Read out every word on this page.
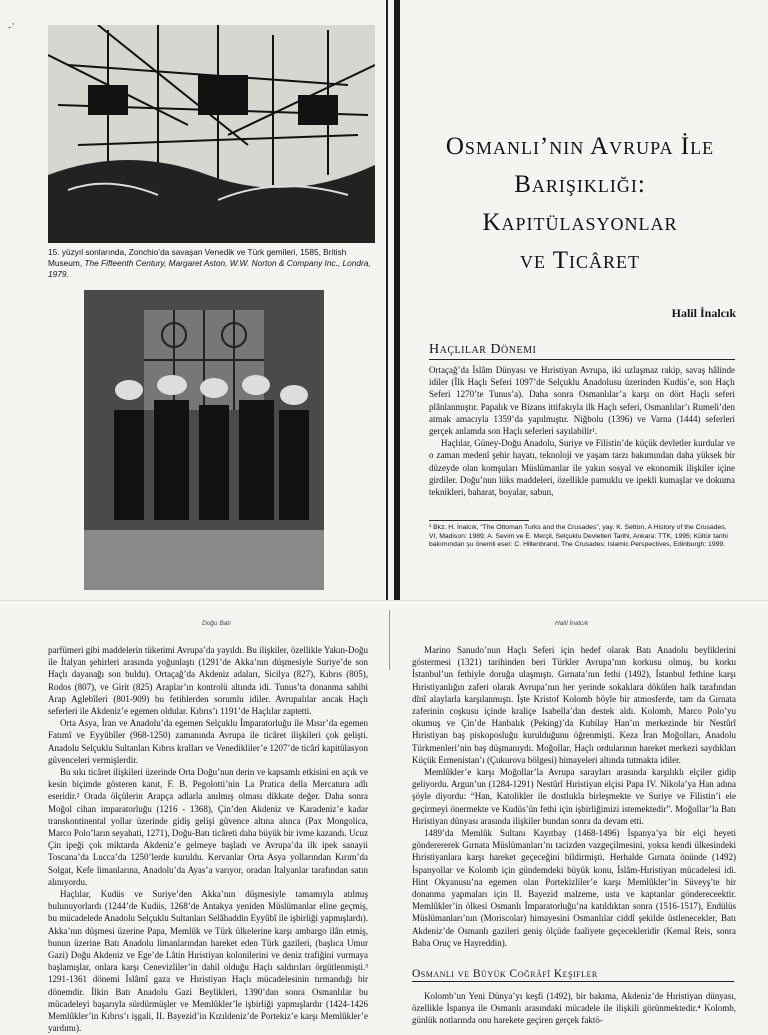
-’
15. yüzyıl sonlarında, Zonchio’da savaşan Venedik ve Türk gemileri, 1585, British Museum, The Fifteenth Century, Margaret Aston, W.W. Norton & Company Inc., Londra, 1979.
Osmanlı’nın Avrupa İle
Barışıklığı:
Kapitülasyonlar
ve Ticâret
Halil İnalcık
Haçlılar Dönemi

Ortaçağ’da İslâm Dünyası ve Hıristiyan Avrupa, iki uzlaşmaz rakip, savaş hâlinde idiler (İlk Haçlı Seferi 1097’de Selçuklu Anadolusu üzerinden Kudüs’e, son Haçlı Seferi 1270’te Tunus’a). Daha sonra Osmanlılar’a karşı on dört Haçlı seferi plânlanmıştır. Papalık ve Bizans ittifakıyla ilk Haçlı seferi, Osmanlılar’ı Rumeli’den atmak amacıyla 1359’da yapılmıştır. Niğbolu (1396) ve Varna (1444) seferleri gerçek anlamda son Haçlı seferleri sayılabilir¹.

Haçlılar, Güney-Doğu Anadolu, Suriye ve Filistin’de küçük devletler kurdular ve o zaman medenî şehir hayatı, teknoloji ve yaşam tarzı bakımından daha yüksek bir düzeyde olan komşuları Müslümanlar ile yakın sosyal ve ekonomik ilişkiler içine girdiler. Doğu’nun lüks maddeleri, özellikle pamuklu ve ipekli kumaşlar ve dokuma teknikleri, baharat, boyalar, sabun,

¹ Bkz. H. İnalcık, “The Ottoman Turks and the Crusades”, yay. K. Setton, A History of the Crusades, VI, Madison: 1989; A. Sevim ve E. Merçil, Selçuklu Devletleri Tarihi, Ankara: TTK, 1995; Kültür tarihi bakımından şu önemli eser: C. Hillenbrand, The Crusades: Islamic Perspectives, Edinburgh: 1999.
Doğu Batı	Halil İnalcık

parfümeri gibi maddelerin tüketimi Avrupa’da yayıldı. Bu ilişkiler, özellikle Yakın-Doğu ile İtalyan şehirleri arasında yoğunlaştı (1291’de Akka’nın düşmesiyle Suriye’de son Haçlı dayanağı son buldu). Ortaçağ’da Akdeniz adaları, Sicilya (827), Kıbrıs (805), Rodos (807), ve Girit (825) Araplar’ın kontrolü altında idi. Tunus’ta donanma sahibi Arap Aglebîleri (801-909) bu fetihlerden sorumlu idiler. Avrupalılar ancak Haçlı seferleri ile Akdeniz’e egemen oldular. Kıbrıs’ı 1191’de Haçlılar zaptetti.

Orta Asya, İran ve Anadolu’da egemen Selçuklu İmparatorluğu ile Mısır’da egemen Fatımî ve Eyyûbîler (968-1250) zamanında Avrupa ile ticâret ilişkileri çok gelişti. Anadolu Selçuklu Sultanları Kıbrıs kralları ve Venedikliler’e 1207’de ticârî kapitülasyon güvenceleri vermişlerdir.

Bu sıkı ticâret ilişkileri üzerinde Orta Doğu’nun derin ve kapsamlı etkisini en açık ve kesin biçimde gösteren kanıt, F. B. Pegolotti’nin La Pratica della Mercatura adlı eseridir.² Orada ölçülerin Arapça adlarla anılmış olması dikkate değer. Daha sonra Moğol cihan imparatorluğu (1216 - 1368), Çin’den Akdeniz ve Karadeniz’e kadar transkontinental yollar üzerinde gidiş gelişi güvence altına alınca (Pax Mongolica, Marco Polo’ların seyahati, 1271), Doğu-Batı ticâreti daha büyük bir ivme kazandı. Ucuz Çin ipeği çok miktarda Akdeniz’e gelmeye başladı ve Avrupa’da ilk ipek sanayii Toscana’da Lucca’da 1250’lerde kuruldu. Kervanlar Orta Asya yollarından Kırım’da Solgat, Kefe limanlarına, Anadolu’da Ayas’a varıyor, oradan İtalyanlar tarafından satın alınıyordu.

Haçlılar, Kudüs ve Suriye’den Akka’nın düşmesiyle tamamıyla atılmış bulunuyorlardı (1244’de Kudüs, 1268’de Antakya yeniden Müslümanlar eline geçmiş, bu mücadelede Anadolu Selçuklu Sultanları Selâhaddin Eyyûbî ile işbirliği yapmışlardı). Akka’nın düşmesi üzerine Papa, Memlûk ve Türk ülkelerine karşı ambargo ilân etmiş, bunun üzerine Batı Anadolu limanlarından hareket eden Türk gazileri, (başlıca Umur Gazi) Doğu Akdeniz ve Ege’de Lâtin Hıristiyan kolonilerini ve deniz trafiğini vurmaya başlamışlar, onlara karşı Cenevizliler’in dahil olduğu Haçlı saldırıları örgütlenmişti.³ 1291-1361 dönemi İslâmî gaza ve Hıristiyan Haçlı mücadelesinin tırmandığı bir dönemdir. İlkin Batı Anadolu Gazi Beylikleri, 1390’dan sonra Osmanlılar bu mücadeleyi başarıyla sürdürmüşler ve Memlûkler’le işbirliği yapmışlardır (1424-1426 Memlûkler’in Kıbrıs’ı işgali, II. Bayezid’in Kızıldeniz’de Portekiz’e karşı Memlûkler’e yardımı).

Marino Sanudo’nun Haçlı Seferi için hedef olarak Batı Anadolu beyliklerini göstermesi (1321) tarihinden beri Türkler Avrupa’nın korkusu olmuş, bu korku İstanbul’un fethiyle doruğa ulaşmıştı. Gırnata’nın fethi (1492), İstanbul fethine karşı Hıristiyanlığın zaferi olarak Avrupa’nın her yerinde sokaklara dökülen halk tarafından dînî alaylarla karşılanmıştı. İşte Kristof Kolomb böyle bir atmosferde, tam da Gırnata zaferinin coşkusu içinde kraliçe Isabella’dan destek aldı. Kolomb, Marco Polo’yu okumuş ve Çin’de Hanbalık (Peking)’da Kubilay Han’ın merkezinde bir Nestûrî Hıristiyan baş piskoposluğu kurulduğunu öğrenmişti. Keza İran Moğolları, Anadolu Türkmenleri’nin baş düşmanıydı. Moğollar, Haçlı ordularının hareket merkezi saydıkları Küçük Ermenistan’ı (Çukurova bölgesi) himayeleri altında tutmakta idiler.

Memlûkler’e karşı Moğollar’la Avrupa sarayları arasında karşılıklı elçiler gidip geliyordu. Argun’un (1284-1291) Nestûrî Hıristiyan elçisi Papa IV. Nikola’ya Han adına şöyle diyordu: “Han, Katolikler ile dostlukla birleşmekte ve Suriye ve Filistin’i ele geçirmeyi önermekte ve Kudüs’ün fethi için işbirliğimizi istemektedir”. Moğollar’la Batı Hıristiyan dünyası arasında ilişkiler bundan sonra da devam etti.

1489’da Memlûk Sultanı Kayıtbay (1468-1496) İspanya’ya bir elçi heyeti gönderererek Gırnata Müslümanları’nı tacizden vazgeçilmesini, yoksa kendi ülkesindeki Hıristiyanlara karşı hareket geçeceğini bildirmişti. Herhalde Gırnata önünde (1492) İspanyollar ve Kolomb için gündemdeki büyük konu, İslâm-Hıristiyan mücadelesi idi. Hint Okyanusu’na egemen olan Portekizliler’e karşı Memlûkler’in Süveyş’te bir donanma yapmaları için II. Bayezid malzeme, usta ve kaptanlar göndereceektir. Memlûkler’in ölkesi Osmanlı İmparatorluğu’na katıldıktan sonra (1516-1517), Endülüs Müslümanları’nın (Moriscolar) himayesini Osmanlılar ciddî şekilde üstlenecekler, Batı Akdeniz’de Osmanlı gazileri geniş ölçüde faaliyete geçecekleridir (Kemal Reis, sonra Baba Oruç ve Hayreddin).

Osmanlı ve Büyük Coğrâfî Keşifler

Kolomb’un Yeni Dünya’yı keşfi (1492), bir bakıma, Akdeniz’de Hıristiyan dünyası, özellikle İspanya ile Osmanlı arasındaki mücadele ile ilişkili görünmektedir.⁴ Kolomb, günlük notlarında onu harekete geçiren gerçek faktö-
